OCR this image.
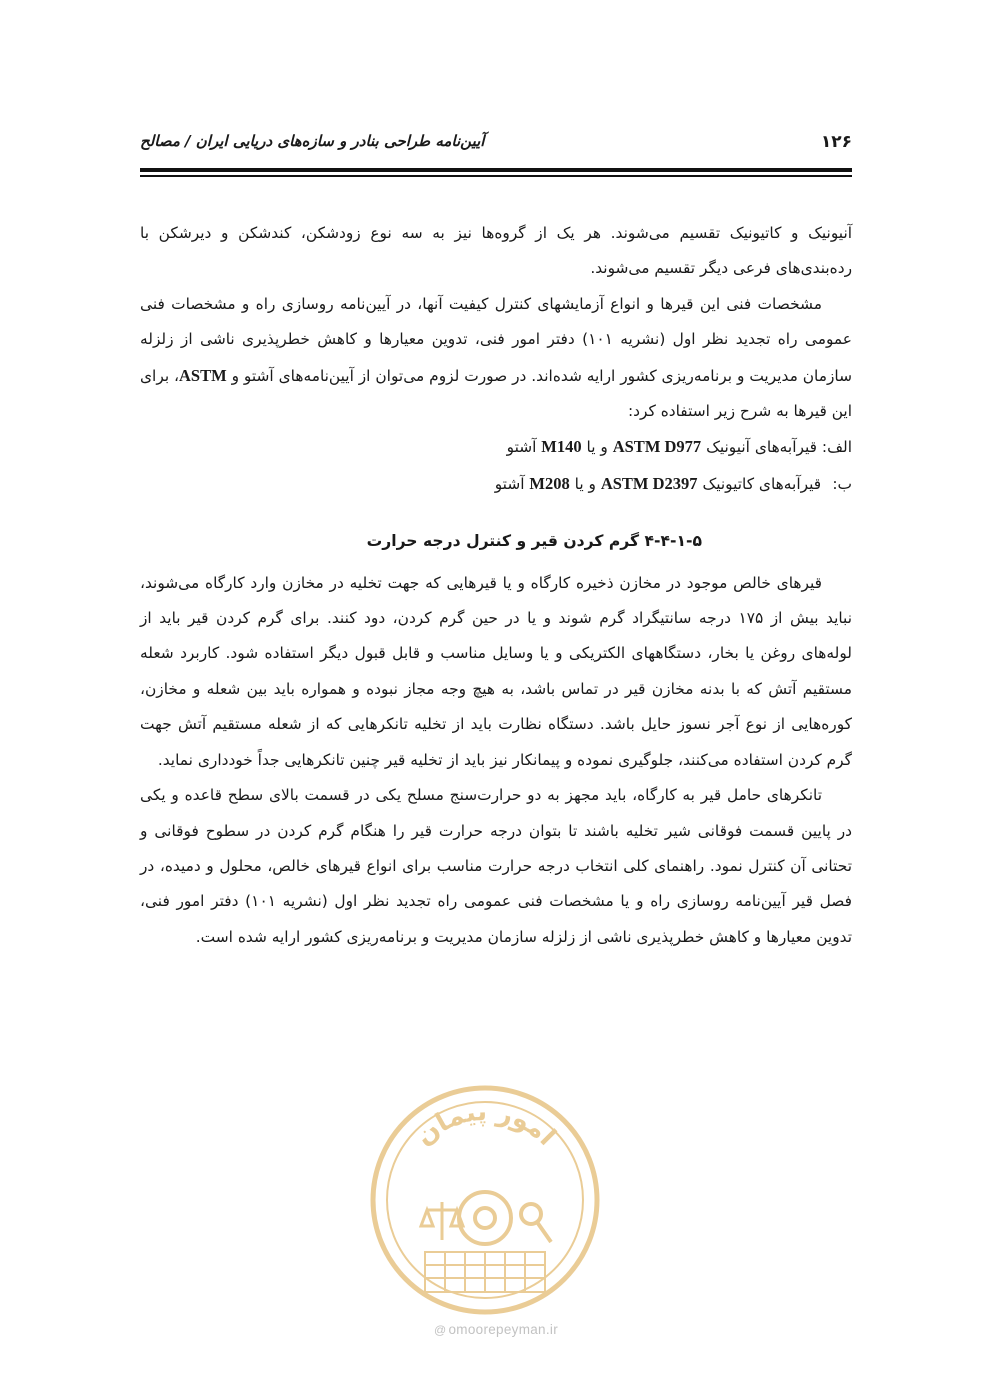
۱۲۶
آیین‌نامه طراحی بنادر و سازه‌های دریایی ایران / مصالح

آنیونیک و کاتیونیک تقسیم می‌شوند. هر یک از گروه‌ها نیز به سه نوع زودشکن، کندشکن و دیرشکن با رده‌بندی‌های فرعی دیگر تقسیم می‌شوند.

مشخصات فنی این قیرها و انواع آزمایشهای کنترل کیفیت آنها، در آیین‌نامه روسازی راه و مشخصات فنی عمومی راه تجدید نظر اول (نشریه ۱۰۱) دفتر امور فنی، تدوین معیارها و کاهش خطرپذیری ناشی از زلزله سازمان مدیریت و برنامه‌ریزی کشور ارایه شده‌اند. در صورت لزوم می‌توان از آیین‌نامه‌های آشتو و ASTM، برای این قیرها به شرح زیر استفاده کرد:

الف: قیرآبه‌های آنیونیک ASTM D977 و یا M140 آشتو
ب: قیرآبه‌های کاتیونیک ASTM D2397 و یا M208 آشتو
۴-۴-۱-۵ گرم کردن قیر و کنترل درجه حرارت

قیرهای خالص موجود در مخازن ذخیره کارگاه و یا قیرهایی که جهت تخلیه در مخازن وارد کارگاه می‌شوند، نباید بیش از ۱۷۵ درجه سانتیگراد گرم شوند و یا در حین گرم کردن، دود کنند. برای گرم کردن قیر باید از لوله‌های روغن یا بخار، دستگاههای الکتریکی و یا وسایل مناسب و قابل قبول دیگر استفاده شود. کاربرد شعله مستقیم آتش که با بدنه مخازن قیر در تماس باشد، به هیچ وجه مجاز نبوده و همواره باید بین شعله و مخازن، کوره‌هایی از نوع آجر نسوز حایل باشد. دستگاه نظارت باید از تخلیه تانکرهایی که از شعله مستقیم آتش جهت گرم کردن استفاده می‌کنند، جلوگیری نموده و پیمانکار نیز باید از تخلیه قیر چنین تانکرهایی جداً خودداری نماید.

تانکرهای حامل قیر به کارگاه، باید مجهز به دو حرارت‌سنج مسلح یکی در قسمت بالای سطح قاعده و یکی در پایین قسمت فوقانی شیر تخلیه باشند تا بتوان درجه حرارت قیر را هنگام گرم کردن در سطوح فوقانی و تحتانی آن کنترل نمود. راهنمای کلی انتخاب درجه حرارت مناسب برای انواع قیرهای خالص، محلول و دمیده، در فصل قیر آیین‌نامه روسازی راه و یا مشخصات فنی عمومی راه تجدید نظر اول (نشریه ۱۰۱) دفتر امور فنی، تدوین معیارها و کاهش خطرپذیری ناشی از زلزله سازمان مدیریت و برنامه‌ریزی کشور ارایه شده است.

امور پیمان
@ omoorepeyman.ir
